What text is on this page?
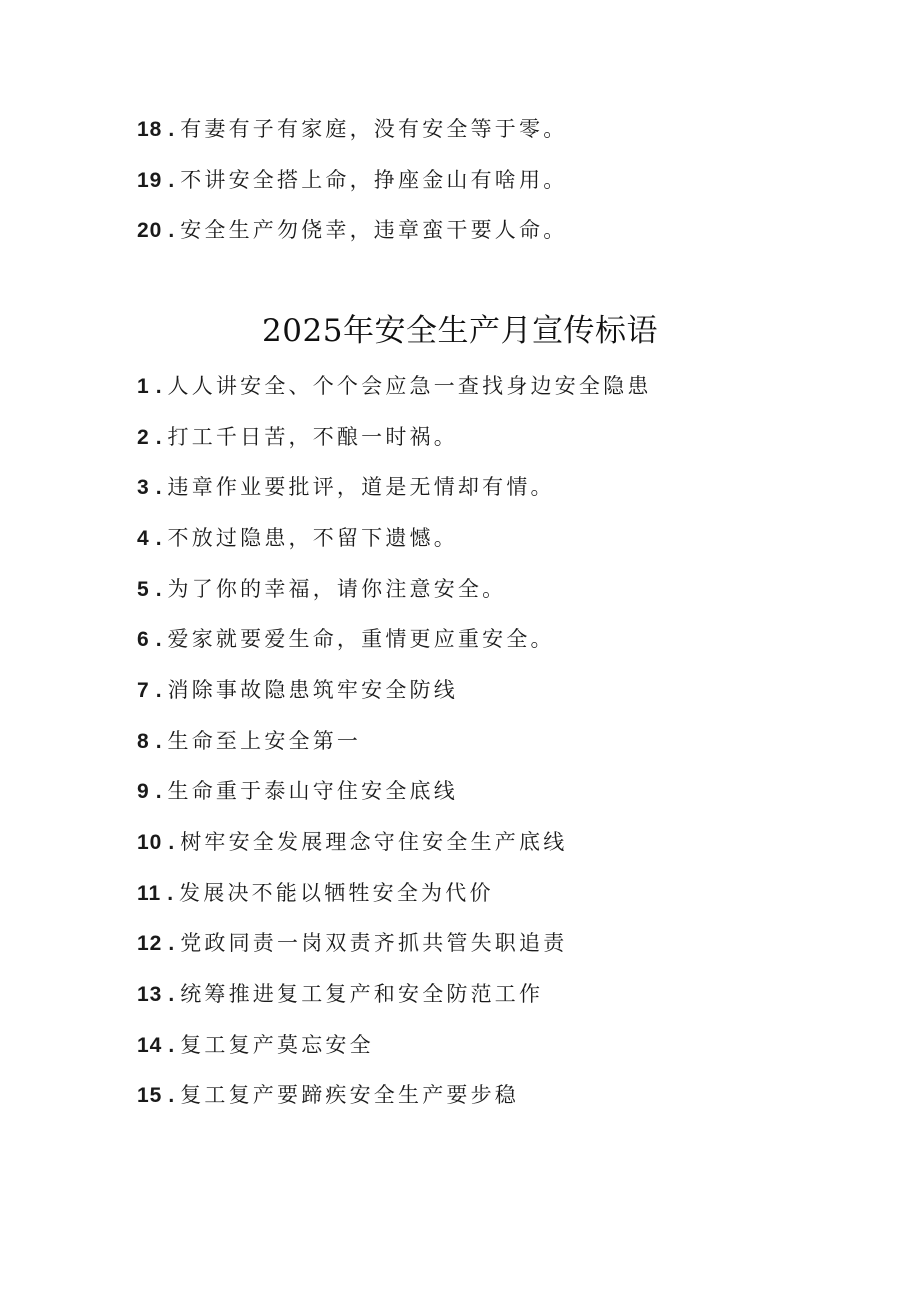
18 . 有妻有子有家庭，没有安全等于零。
19 . 不讲安全搭上命，挣座金山有啥用。
20 . 安全生产勿侥幸，违章蛮干要人命。
2025年安全生产月宣传标语
1 . 人人讲安全、个个会应急一查找身边安全隐患
2 . 打工千日苦，不酿一时祸。
3 . 违章作业要批评，道是无情却有情。
4 . 不放过隐患，不留下遗憾。
5 . 为了你的幸福，请你注意安全。
6 . 爱家就要爱生命，重情更应重安全。
7 . 消除事故隐患筑牢安全防线
8 . 生命至上安全第一
9 . 生命重于泰山守住安全底线
10 . 树牢安全发展理念守住安全生产底线
11 . 发展决不能以牺牲安全为代价
12 . 党政同责一岗双责齐抓共管失职追责
13 . 统筹推进复工复产和安全防范工作
14 . 复工复产莫忘安全
15 . 复工复产要蹄疾安全生产要步稳
